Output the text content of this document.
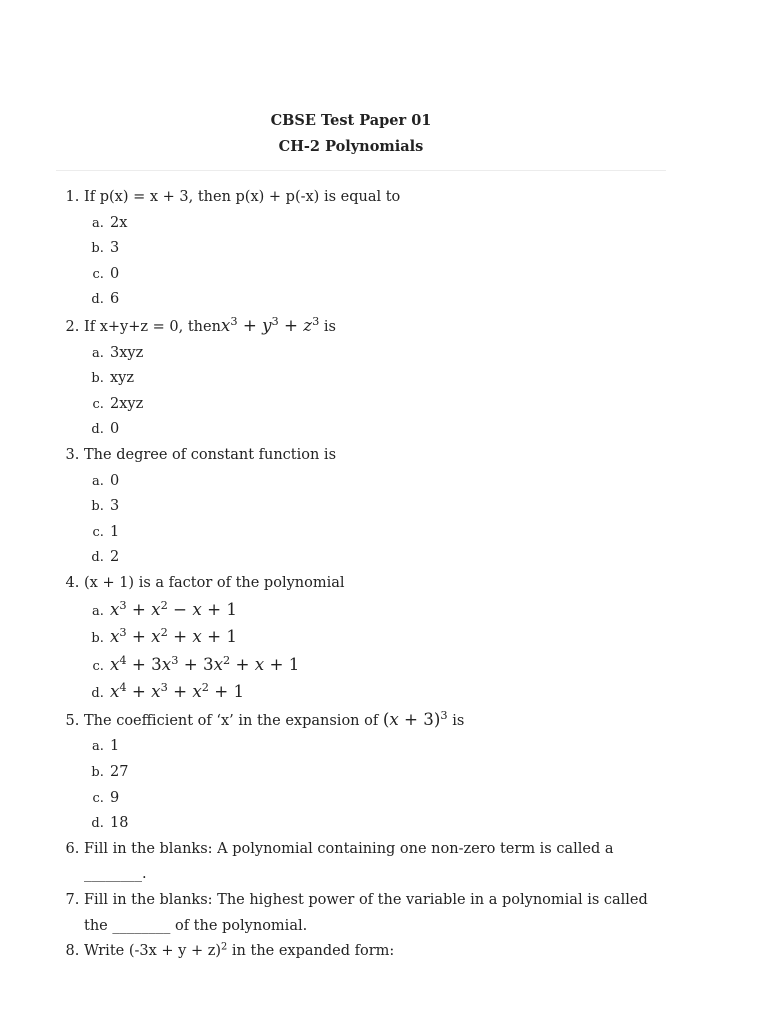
CBSE Test Paper 01
CH-2 Polynomials
1. If p(x) = x + 3, then p(x) + p(-x) is equal to
a. 2x
b. 3
c. 0
d. 6
2. If x+y+z = 0, thenx$^3$ + $y^3 + z^3$ is
a. 3xyz
b. xyz
c. 2xyz
d. 0
3. The degree of constant function is
a. 0
b. 3
c. 1
d. 2
4. (x + 1) is a factor of the polynomial
a. $x^3 + x^2 - x + 1$
b. $x^3 + x^2 + x + 1$
c. $x^4 + 3x^3 + 3x^2 + x + 1$
d. $x^4 + x^3 + x^2 + 1$
5. The coefficient of ‘x’ in the expansion of $(x + 3)^3$ is
a. 1
b. 27
c. 9
d. 18
6. Fill in the blanks: A polynomial containing one non-zero term is called a ________.
7. Fill in the blanks: The highest power of the variable in a polynomial is called the ________ of the polynomial.
8. Write $(-3x + y + z)^2$ in the expanded form:
